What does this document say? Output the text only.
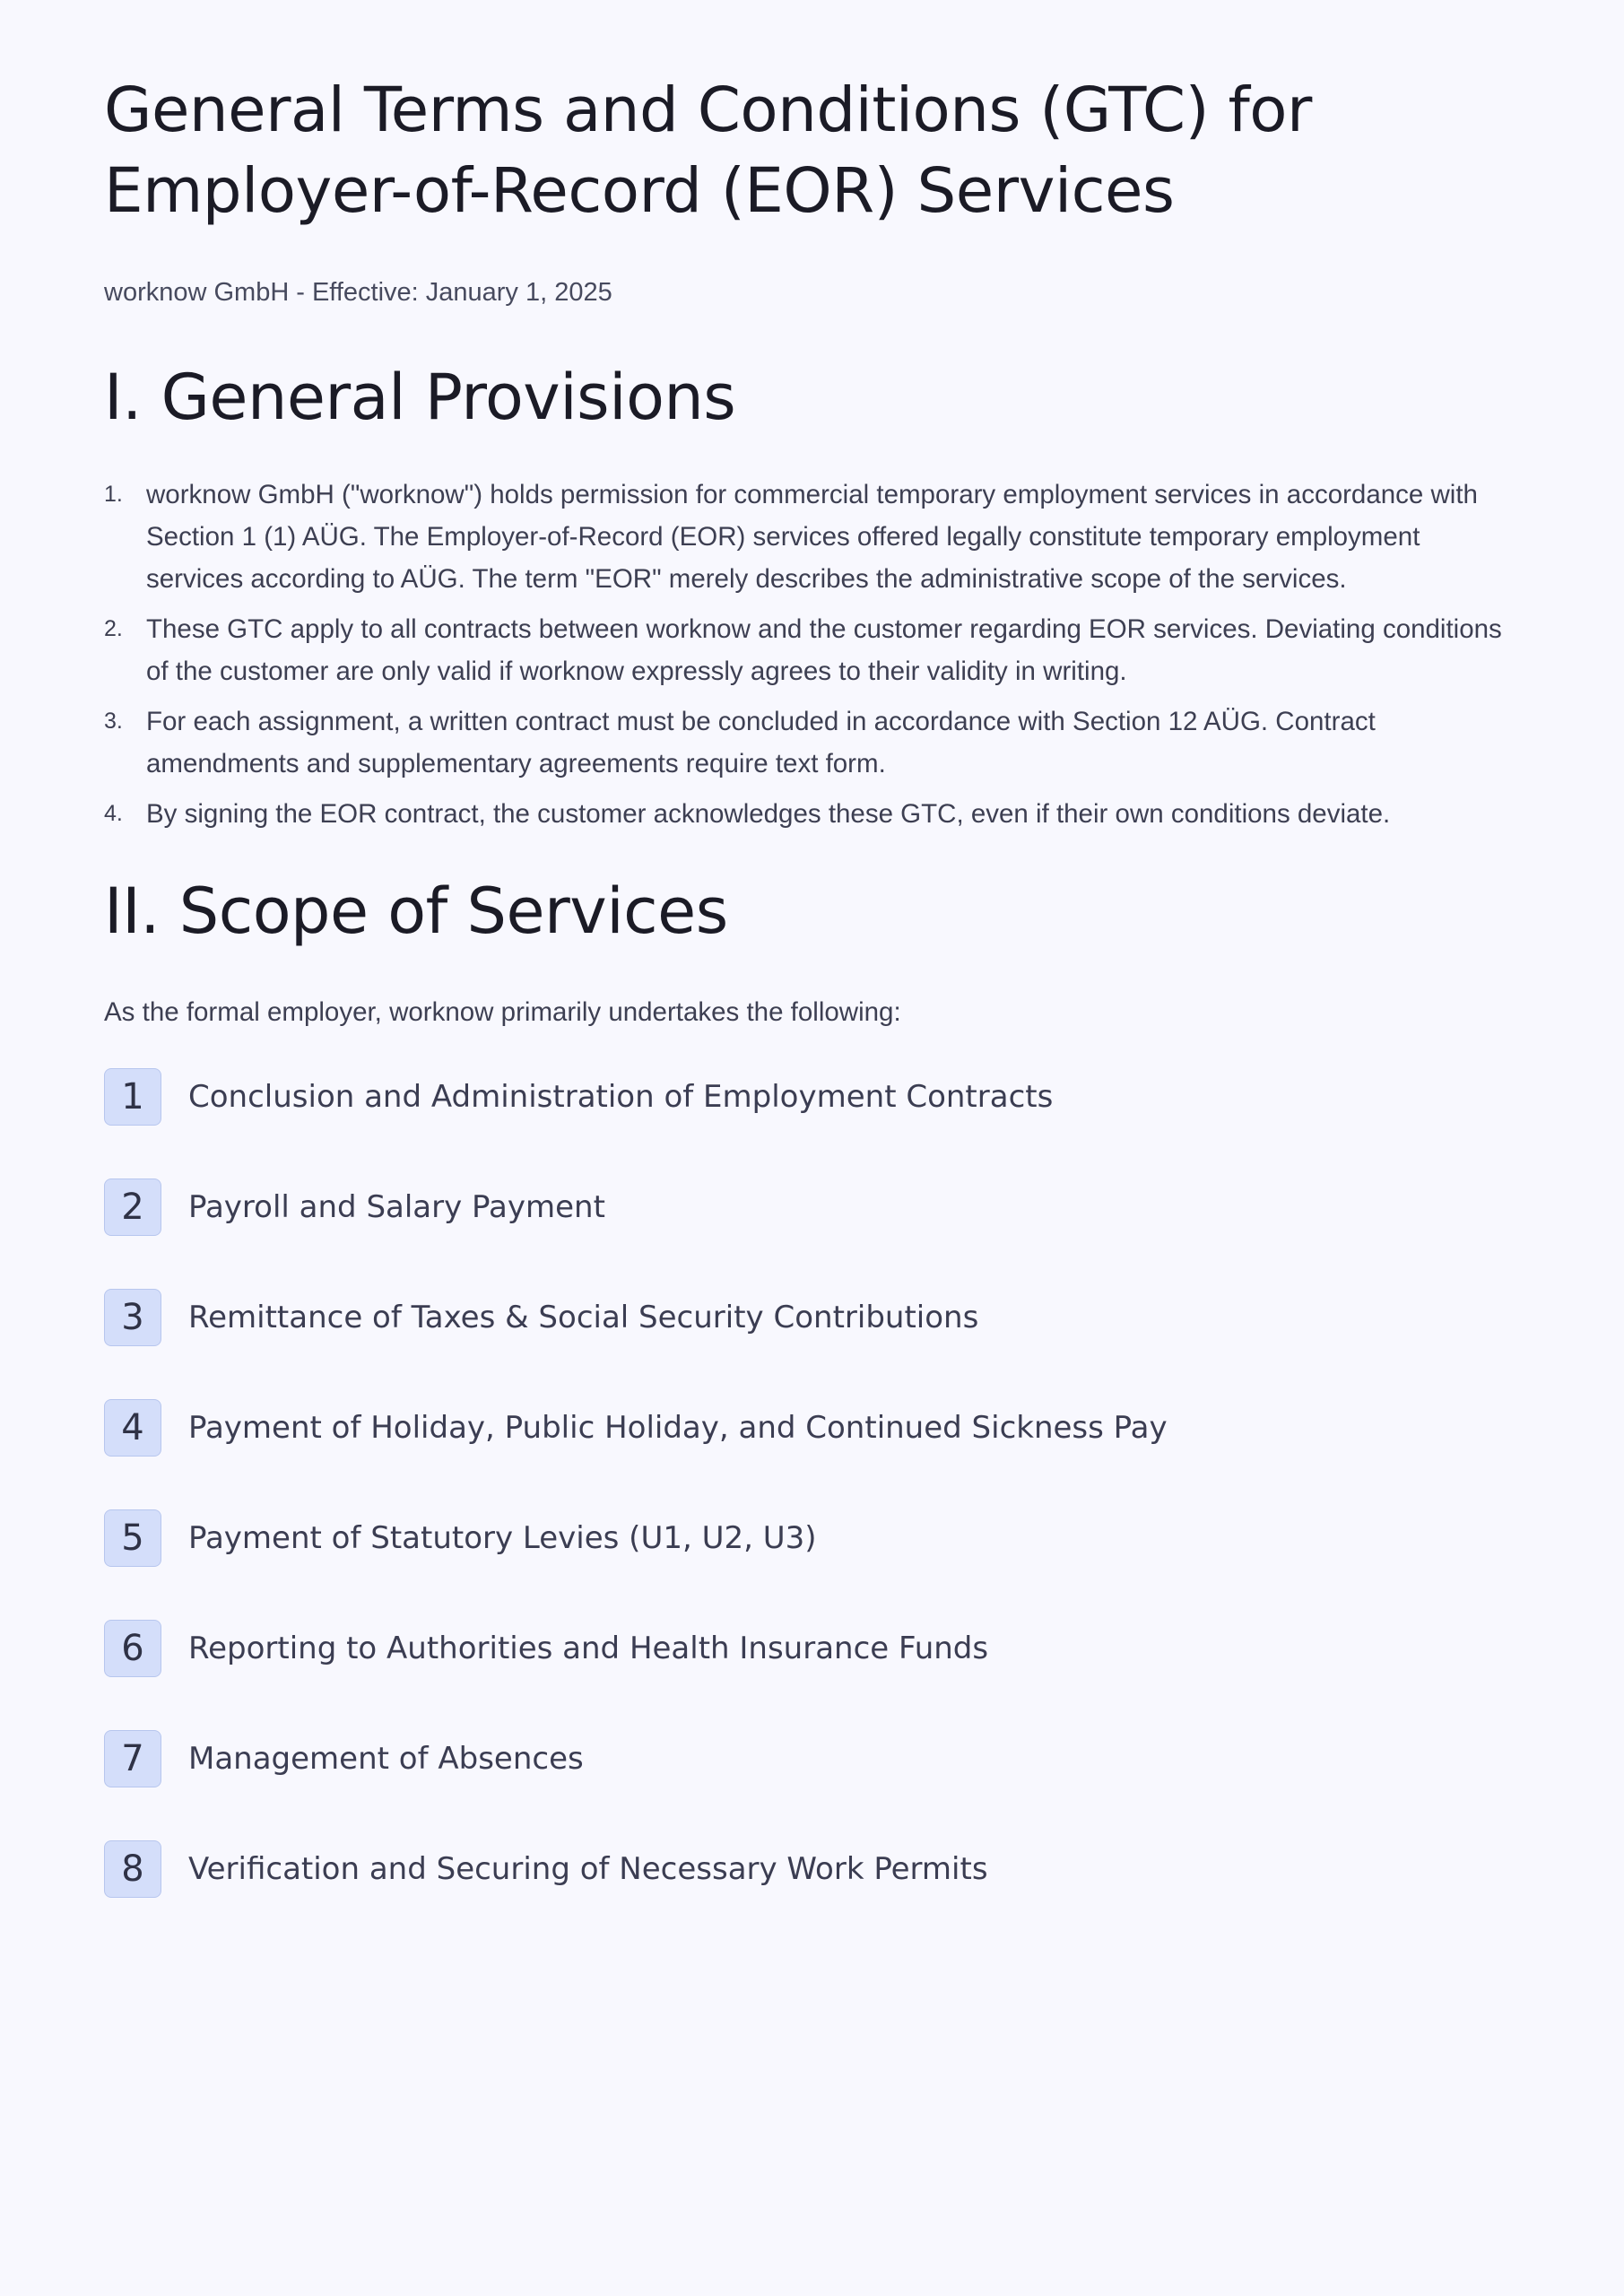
General Terms and Conditions (GTC) for
Employer-of-Record (EOR) Services
worknow GmbH - Effective: January 1, 2025
I. General Provisions
1. worknow GmbH ("worknow") holds permission for commercial temporary employment services in accordance with Section 1 (1) AÜG. The Employer-of-Record (EOR) services offered legally constitute temporary employment services according to AÜG. The term "EOR" merely describes the administrative scope of the services.
2. These GTC apply to all contracts between worknow and the customer regarding EOR services. Deviating conditions of the customer are only valid if worknow expressly agrees to their validity in writing.
3. For each assignment, a written contract must be concluded in accordance with Section 12 AÜG. Contract amendments and supplementary agreements require text form.
4. By signing the EOR contract, the customer acknowledges these GTC, even if their own conditions deviate.
II. Scope of Services

As the formal employer, worknow primarily undertakes the following:

1	Conclusion and Administration of Employment Contracts
2	Payroll and Salary Payment
3	Remittance of Taxes & Social Security Contributions
4	Payment of Holiday, Public Holiday, and Continued Sickness Pay
5	Payment of Statutory Levies (U1, U2, U3)
6	Reporting to Authorities and Health Insurance Funds
7	Management of Absences
8	Verification and Securing of Necessary Work Permits
